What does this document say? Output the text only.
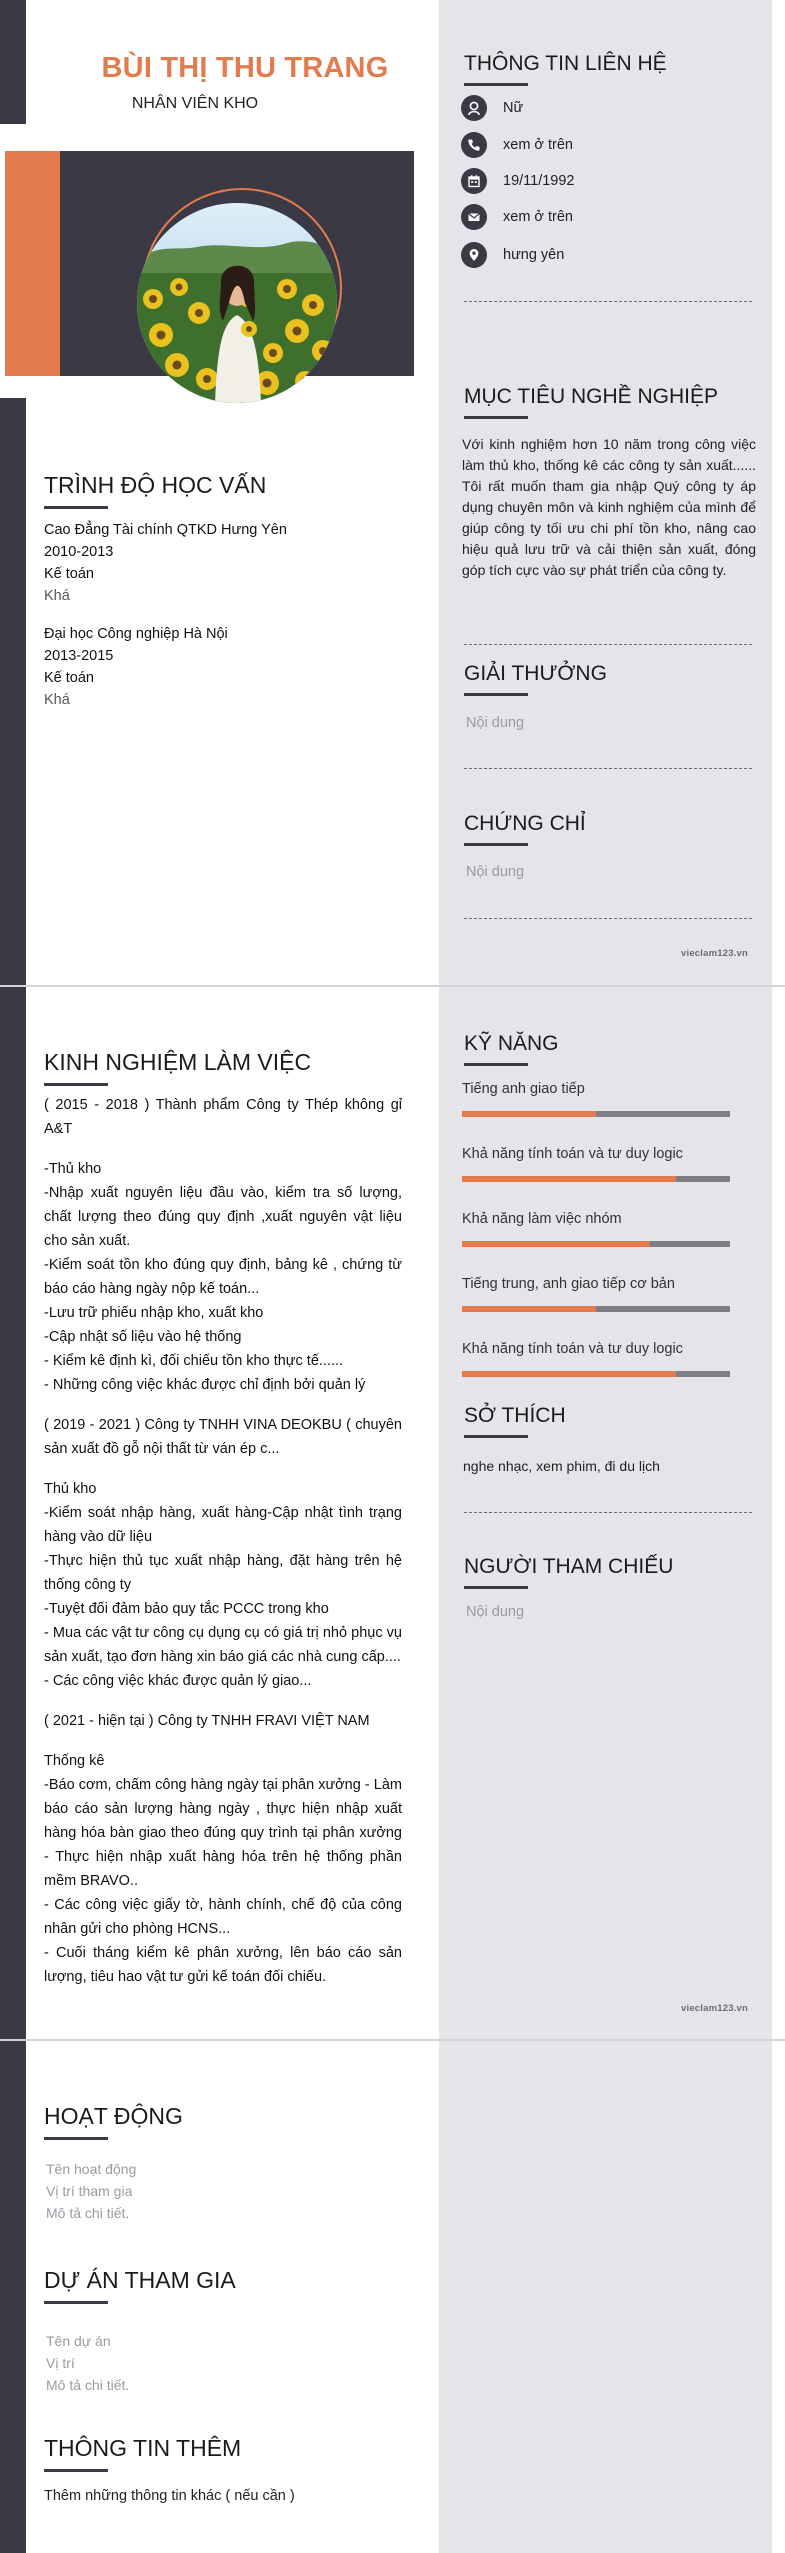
BÙI THỊ THU TRANG
NHÂN VIÊN KHO
THÔNG TIN LIÊN HỆ
Nữ
xem ở trên
19/11/1992
xem ở trên
hưng yên
MỤC TIÊU NGHỀ NGHIỆP
Với kinh nghiệm hơn 10 năm trong công việc làm thủ kho, thống kê các công ty sản xuất...... Tôi rất muốn tham gia nhập Quý công ty áp dụng chuyên môn và kinh nghiệm của mình để giúp công ty tối ưu chi phí tồn kho, nâng cao hiệu quả lưu trữ và cải thiện sản xuất, đóng góp tích cực vào sự phát triển của công ty.
GIẢI THƯỞNG
Nội dung
CHỨNG CHỈ
Nội dung
vieclam123.vn
TRÌNH ĐỘ HỌC VẤN
Cao Đẳng Tài chính QTKD Hưng Yên
2010-2013
Kế toán
Khá
Đại học Công nghiệp Hà Nội
2013-2015
Kế toán
Khá
KINH NGHIỆM LÀM VIỆC
( 2015 - 2018 ) Thành phẩm Công ty Thép không gỉ A&T
-Thủ kho
-Nhập xuất nguyên liệu đầu vào, kiểm tra số lượng, chất lượng theo đúng quy định ,xuất nguyên vật liệu cho sản xuất.
-Kiểm soát tồn kho đúng quy định, bảng kê , chứng từ báo cáo hàng ngày nộp kế toán...
-Lưu trữ phiếu nhập kho, xuất kho
-Cập nhật số liệu vào hệ thống
- Kiểm kê định kì, đối chiếu tồn kho thực tế......
- Những công việc khác được chỉ định bởi quản lý
( 2019 - 2021 ) Công ty TNHH VINA DEOKBU ( chuyên sản xuất đồ gỗ nội thất từ ván ép c...
Thủ kho
-Kiểm soát nhập hàng, xuất hàng-Cập nhật tình trạng hàng vào dữ liệu
-Thực hiện thủ tục xuất nhập hàng, đặt hàng trên hệ thống công ty
-Tuyệt đối đảm bảo quy tắc PCCC trong kho
- Mua các vật tư công cụ dụng cụ có giá trị nhỏ phục vụ sản xuất, tạo đơn hàng xin báo giá các nhà cung cấp....
- Các công việc khác được quản lý giao...
( 2021 - hiện tại ) Công ty TNHH FRAVI VIỆT NAM
Thống kê
-Báo cơm, chấm công hàng ngày tại phân xưởng - Làm báo cáo sản lượng hàng ngày , thực hiện nhập xuất hàng hóa bàn giao theo đúng quy trình tại phân xưởng - Thực hiện nhập xuất hàng hóa trên hệ thống phần mềm BRAVO..
- Các công việc giấy tờ, hành chính, chế độ của công nhân gửi cho phòng HCNS...
- Cuối tháng kiểm kê phân xưởng, lên báo cáo sản lượng, tiêu hao vật tư gửi kế toán đối chiếu.
KỸ NĂNG
Tiếng anh giao tiếp
Khả năng tính toán và tư duy logic
Khả năng làm việc nhóm
Tiếng trung, anh giao tiếp cơ bản
Khả năng tính toán và tư duy logic
SỞ THÍCH
nghe nhạc, xem phim, đi du lịch
NGƯỜI THAM CHIẾU
Nội dung
vieclam123.vn
HOẠT ĐỘNG
Tên hoạt động
Vị trí tham gia
Mô tả chi tiết.
DỰ ÁN THAM GIA
Tên dự án
Vị trí
Mô tả chi tiết.
THÔNG TIN THÊM
Thêm những thông tin khác ( nếu cần )
